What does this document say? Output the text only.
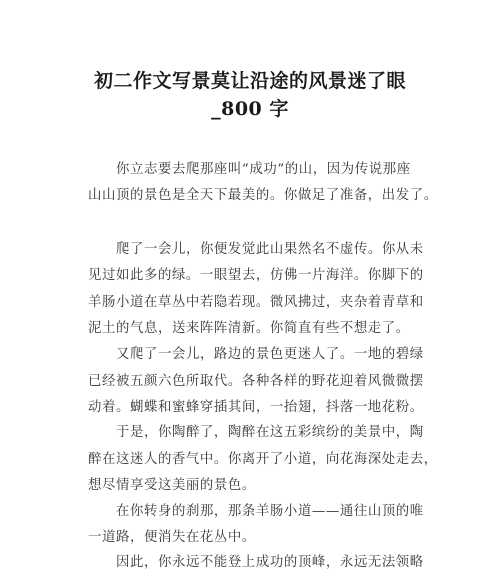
初二作文写景莫让沿途的风景迷了眼
_800 字
你立志要去爬那座叫“成功”的山，因为传说那座
山山顶的景色是全天下最美的。你做足了准备，出发了。
爬了一会儿，你便发觉此山果然名不虚传。你从未
见过如此多的绿。一眼望去，仿佛一片海洋。你脚下的
羊肠小道在草丛中若隐若现。微风拂过，夹杂着青草和
泥土的气息，送来阵阵清新。你简直有些不想走了。
又爬了一会儿，路边的景色更迷人了。一地的碧绿
已经被五颜六色所取代。各种各样的野花迎着风微微摆
动着。蝴蝶和蜜蜂穿插其间，一抬翅，抖落一地花粉。
于是，你陶醉了，陶醉在这五彩缤纷的美景中，陶
醉在这迷人的香气中。你离开了小道，向花海深处走去，
想尽情享受这美丽的景色。
在你转身的刹那，那条羊肠小道——通往山顶的唯
一道路，便消失在花丛中。
因此，你永远不能登上成功的顶峰，永远无法领略
